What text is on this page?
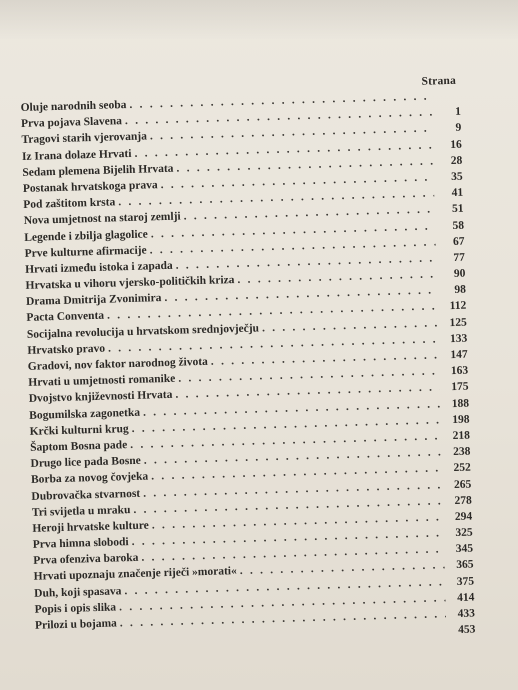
Strana
Oluje narodnih seoba
. . .
Prva pojava Slavena
. . .
1
Tragovi starih vjerovanja
. . .
9
Iz Irana dolaze Hrvati
. . .
16
Sedam plemena Bijelih Hrvata
. . .
28
Postanak hrvatskoga prava
. . .
35
Pod zaštitom krsta
. . .
41
Nova umjetnost na staroj zemlji
. . .
51
Legende i zbilja glagolice
. . .
58
Prve kulturne afirmacije
. . .
67
Hrvati između istoka i zapada
. . .
77
Hrvatska u vihoru vjersko-političkih kriza
. . .
90
Drama Dmitrija Zvonimira
. . .
98
Pacta Conventa
. . .
112
Socijalna revolucija u hrvatskom srednjovječju
. . .	125
Hrvatsko pravo
. . .
133
Gradovi, nov faktor narodnog života
. . .
147
Hrvati u umjetnosti romanike
. . .
163
Dvojstvo književnosti Hrvata
. . .
175
Bogumilska zagonetka
. . .
188
Krčki kulturni krug
. . .
198
Šaptom Bosna pade
. . .
218
Drugo lice pada Bosne
. . .
238
Borba za novog čovjeka
. . .
252
Dubrovačka stvarnost
. . .
265
Tri svijetla u mraku
. . .
278
Heroji hrvatske kulture
. . .
294
Prva himna slobodi
. . .
325
Prva ofenziva baroka
. . .
345
Hrvati upoznaju značenje riječi »morati«
. . .
365
Duh, koji spasava
. . .
375
Popis i opis slika
. . .
414
Prilozi u bojama
. . .
433
453
